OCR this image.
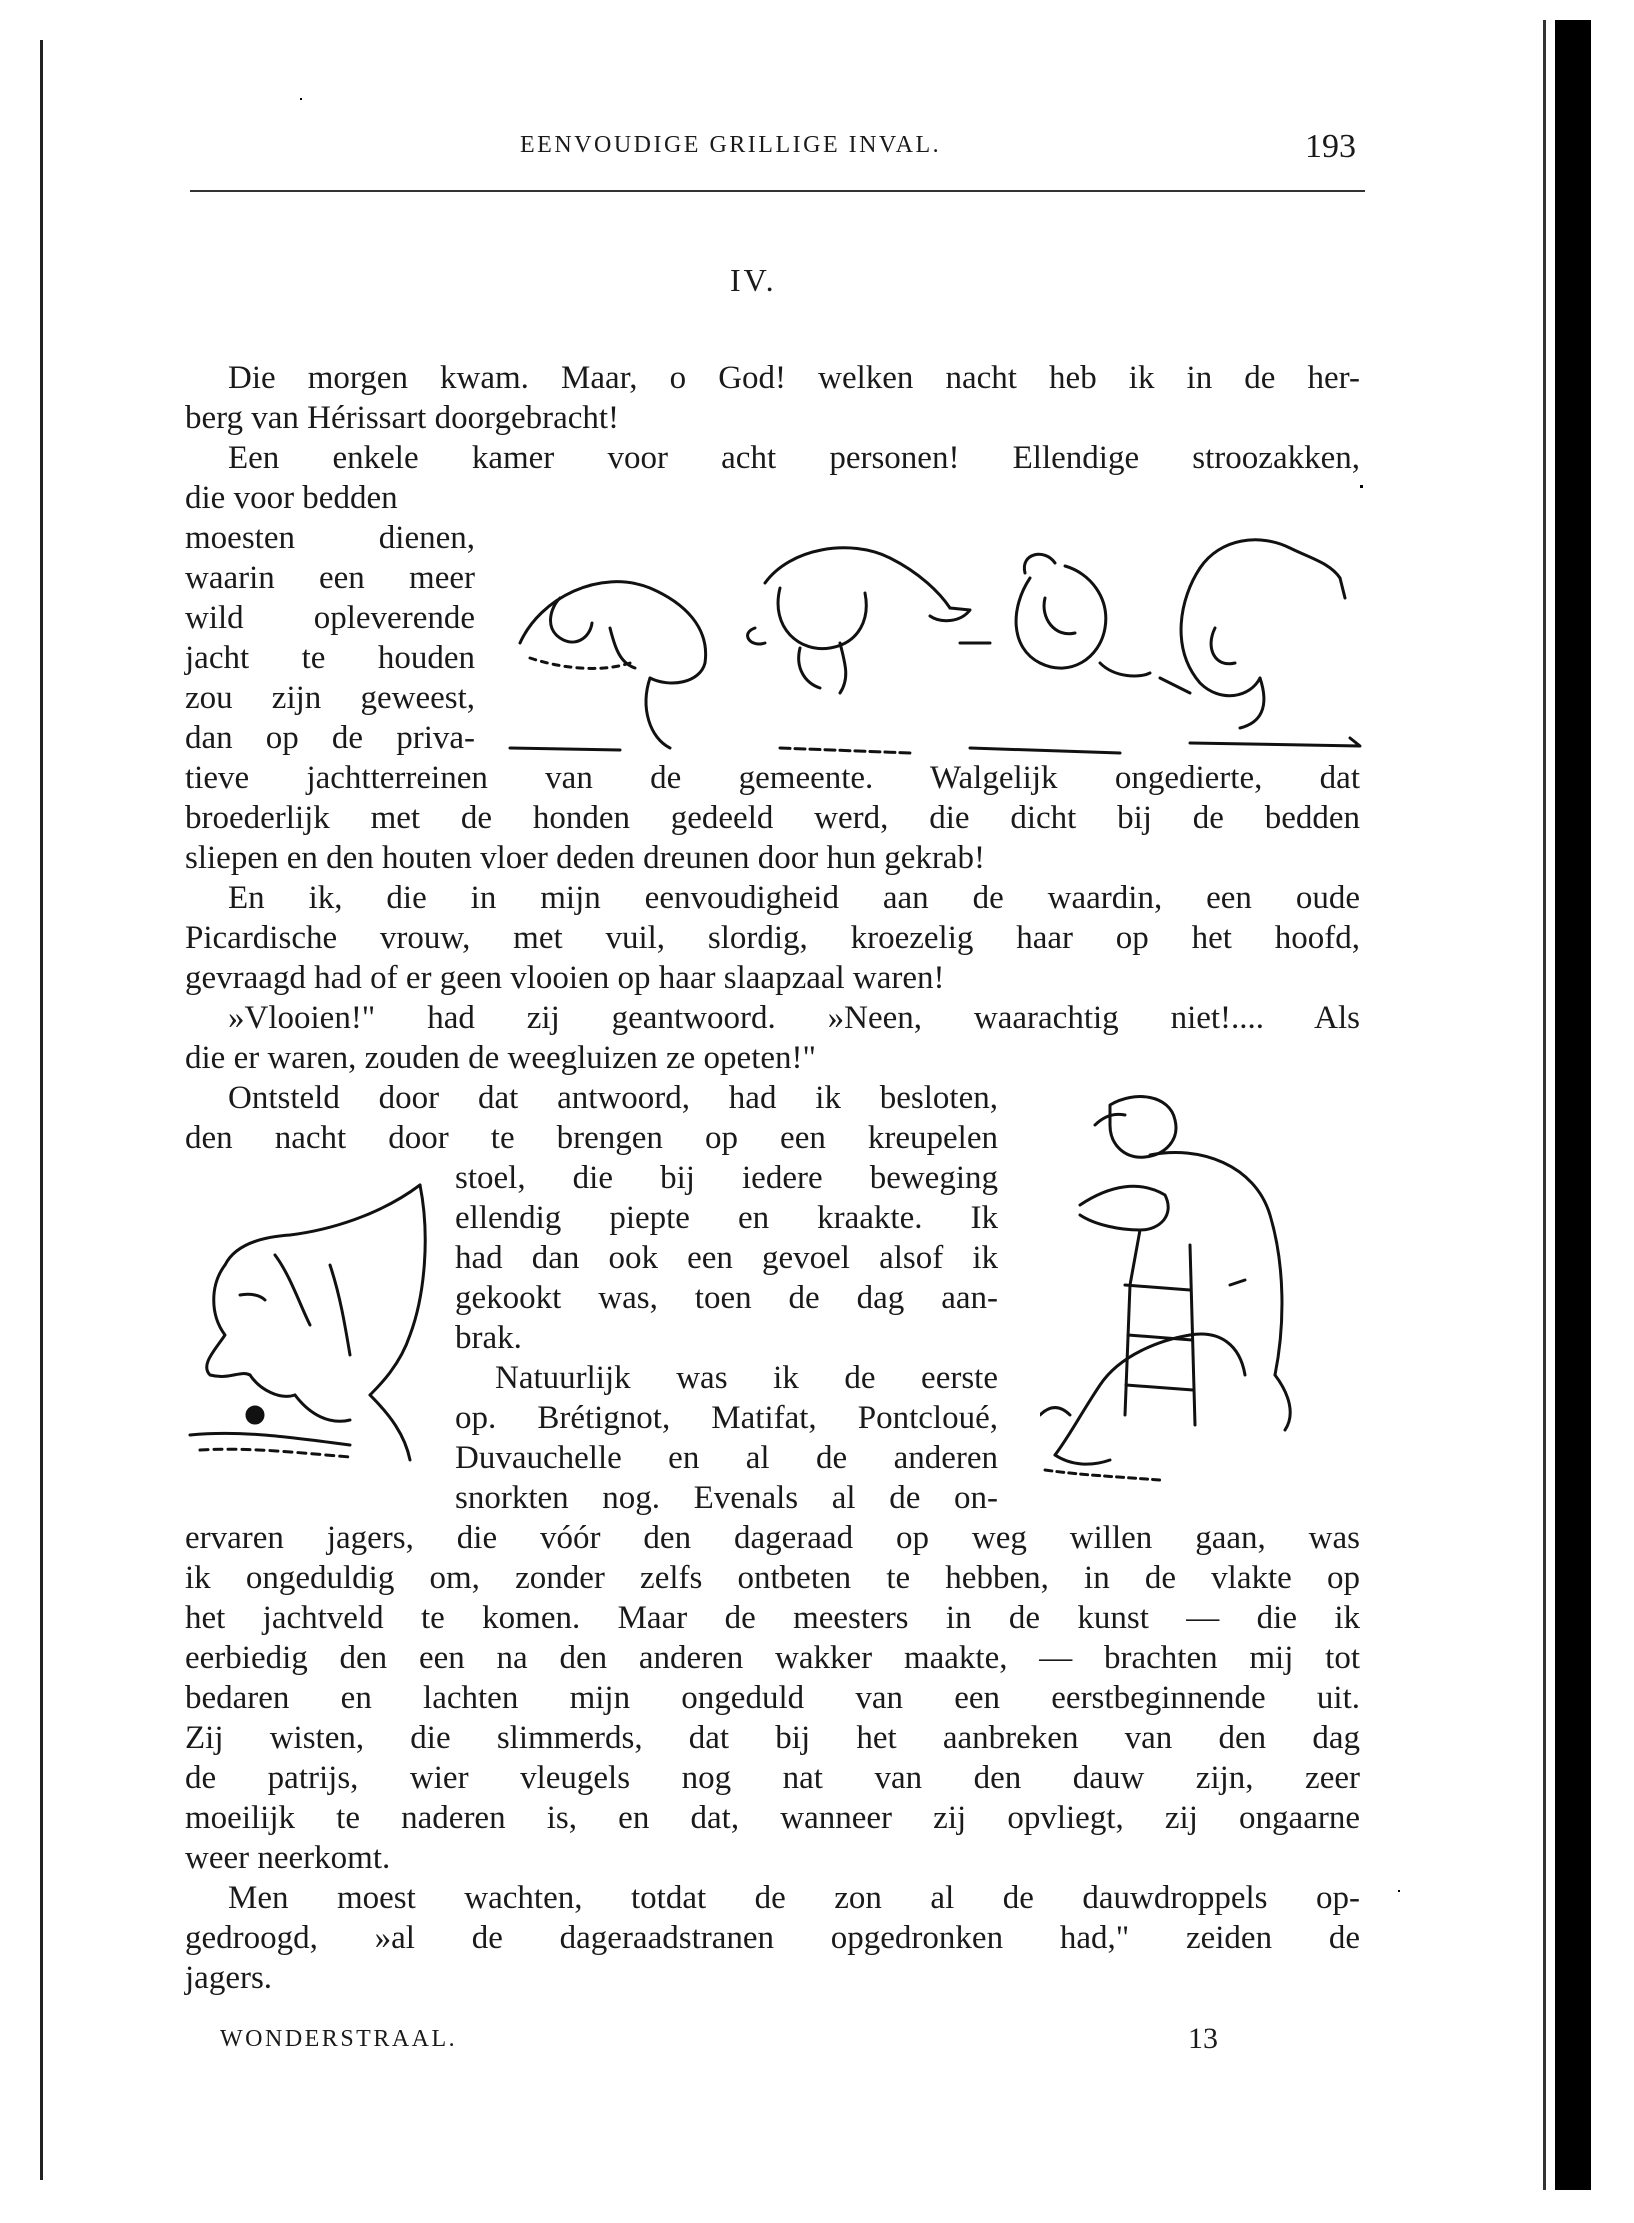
EENVOUDIGE GRILLIGE INVAL.	193
IV.
Die morgen kwam. Maar, o God! welken nacht heb ik in de her-
berg van Hérissart doorgebracht!
Een enkele kamer voor acht personen! Ellendige stroozakken,
die voor bedden
moesten dienen,
waarin een meer
wild opleverende
jacht te houden
zou zijn geweest,
dan op de priva-
tieve jachtterreinen van de gemeente. Walgelijk ongedierte, dat
broederlijk met de honden gedeeld werd, die dicht bij de bedden
sliepen en den houten vloer deden dreunen door hun gekrab!
En ik, die in mijn eenvoudigheid aan de waardin, een oude
Picardische vrouw, met vuil, slordig, kroezelig haar op het hoofd,
gevraagd had of er geen vlooien op haar slaapzaal waren!
»Vlooien!" had zij geantwoord. »Neen, waarachtig niet!.... Als
die er waren, zouden de weegluizen ze opeten!"
Ontsteld door dat antwoord, had ik besloten,
den nacht door te brengen op een kreupelen
stoel, die bij iedere beweging
ellendig piepte en kraakte. Ik
had dan ook een gevoel alsof ik
gekookt was, toen de dag aan-
brak.
Natuurlijk was ik de eerste
op. Brétignot, Matifat, Pontcloué,
Duvauchelle en al de anderen
snorkten nog. Evenals al de on-
ervaren jagers, die vóór den dageraad op weg willen gaan, was
ik ongeduldig om, zonder zelfs ontbeten te hebben, in de vlakte op
het jachtveld te komen. Maar de meesters in de kunst — die ik
eerbiedig den een na den anderen wakker maakte, — brachten mij tot
bedaren en lachten mijn ongeduld van een eerstbeginnende uit.
Zij wisten, die slimmerds, dat bij het aanbreken van den dag
de patrijs, wier vleugels nog nat van den dauw zijn, zeer
moeilijk te naderen is, en dat, wanneer zij opvliegt, zij ongaarne
weer neerkomt.
Men moest wachten, totdat de zon al de dauwdroppels op-
gedroogd, »al de dageraadstranen opgedronken had," zeiden de
jagers.
WONDERSTRAAL.	13
